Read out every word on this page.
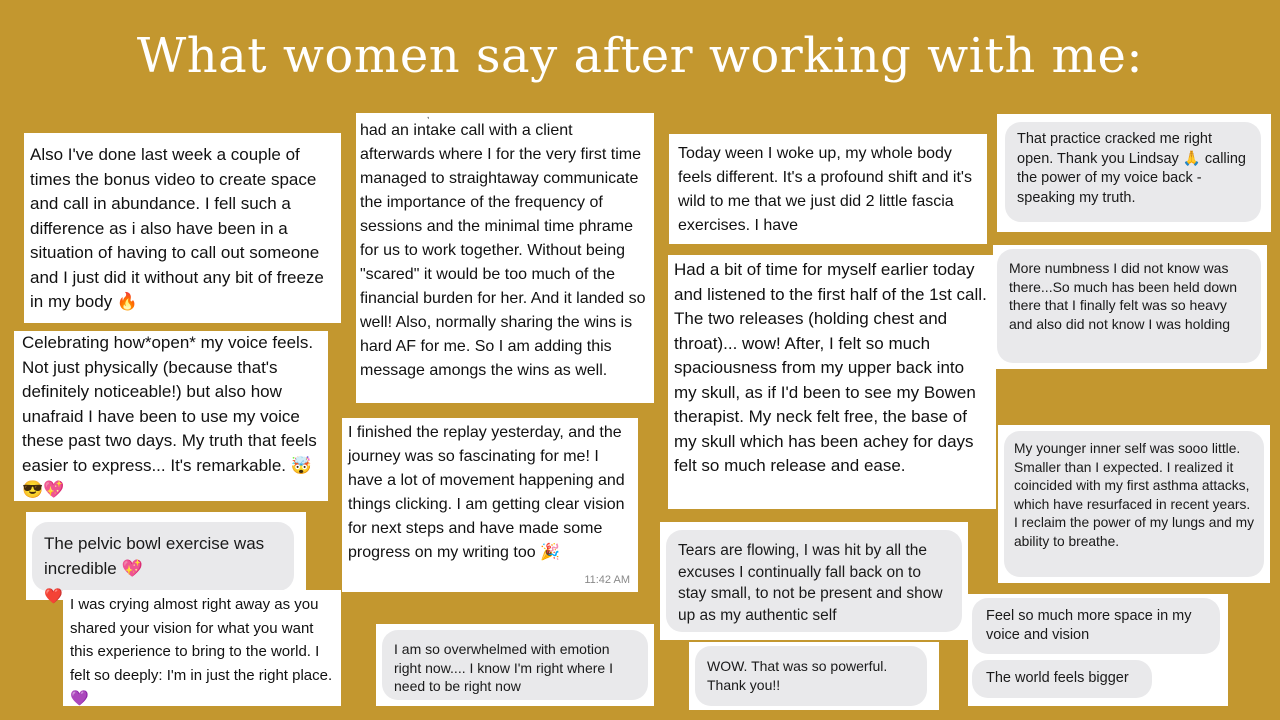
What women say after working with me:

Also I've done last week a couple of times the bonus video to create space and call in abundance. I fell such a difference as i also have been in a situation of having to call out someone and I just did it without any bit of freeze in my body 🔥

Celebrating how*open* my voice feels. Not just physically (because that's definitely noticeable!) but also how unafraid I have been to use my voice these past two days. My truth that feels easier to express... It's remarkable. 🤯😎💖

The pelvic bowl exercise was incredible 💖
❤️ I was crying almost right away as you shared your vision for what you want this experience to bring to the world. I felt so deeply: I'm in just the right place. 💜

_ _ _ _ _ _ _ _ , _ _ _ _ _

had an intake call with a client afterwards where I for the very first time managed to straightaway communicate the importance of the frequency of sessions and the minimal time phrame for us to work together. Without being "scared" it would be too much of the financial burden for her. And it landed so well! Also, normally sharing the wins is hard AF for me. So I am adding this message amongs the wins as well.

I finished the replay yesterday, and the journey was so fascinating for me! I have a lot of movement happening and things clicking. I am getting clear vision for next steps and have made some progress on my writing too 🎉

11:42 AM
I am so overwhelmed with emotion right now.... I know I'm right where I need to be right now

Today ween I woke up, my whole body feels different. It's a profound shift and it's wild to me that we just did 2 little fascia exercises. I have

Had a bit of time for myself earlier today and listened to the first half of the 1st call. The two releases (holding chest and throat)... wow! After, I felt so much spaciousness from my upper back into my skull, as if I'd been to see my Bowen therapist. My neck felt free, the base of my skull which has been achey for days felt so much release and ease.

Tears are flowing, I was hit by all the excuses I continually fall back on to stay small, to not be present and show up as my authentic self
WOW. That was so powerful. Thank you!!
That practice cracked me right open. Thank you Lindsay 🙏 calling the power of my voice back -speaking my truth.
More numbness I did not know was there...So much has been held down there that I finally felt was so heavy and also did not know I was holding
My younger inner self was sooo little. Smaller than I expected. I realized it coincided with my first asthma attacks, which have resurfaced in recent years. I reclaim the power of my lungs and my ability to breathe.
Feel so much more space in my voice and vision
The world feels bigger
